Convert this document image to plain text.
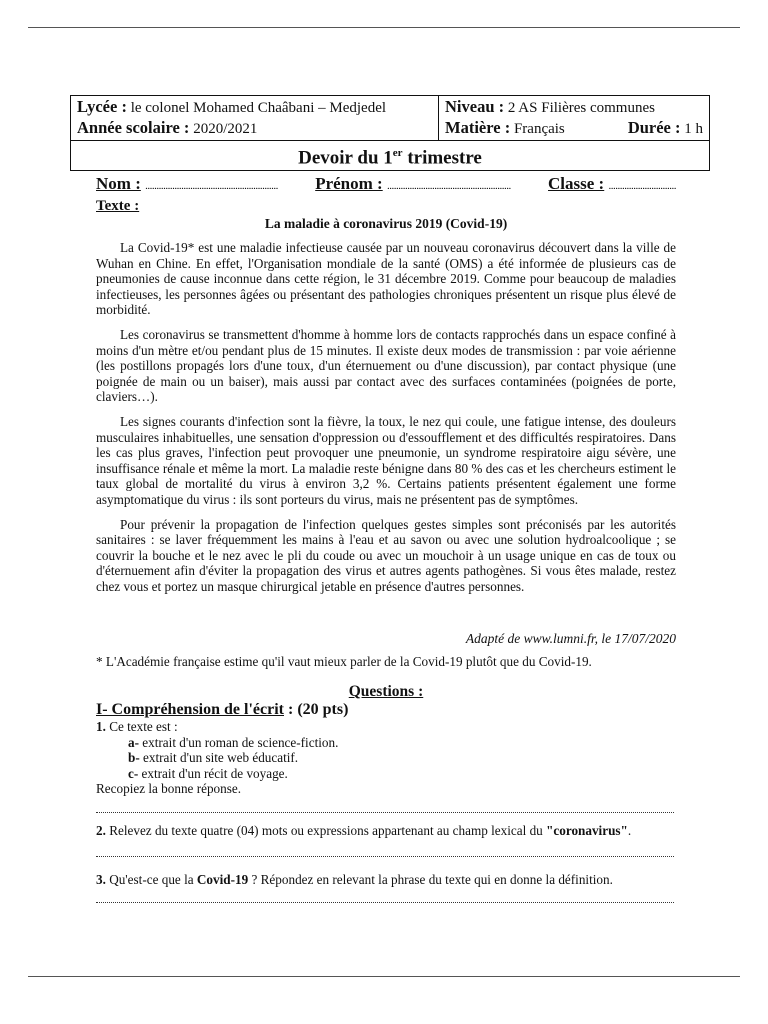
Lycée : le colonel Mohamed Chaâbani – Medjedel
Année scolaire : 2020/2021
Niveau : 2 AS Filières communes
Matière : Français	Durée : 1 h
Devoir du 1er trimestre
Nom : ........................................................... Prénom : ....................................................... Classe : ..............................
Texte :
La maladie à coronavirus 2019 (Covid-19)

La Covid-19* est une maladie infectieuse causée par un nouveau coronavirus découvert dans la ville de Wuhan en Chine. En effet, l'Organisation mondiale de la santé (OMS) a été informée de plusieurs cas de pneumonies de cause inconnue dans cette région, le 31 décembre 2019. Comme pour beaucoup de maladies infectieuses, les personnes âgées ou présentant des pathologies chroniques présentent un risque plus élevé de morbidité.

Les coronavirus se transmettent d'homme à homme lors de contacts rapprochés dans un espace confiné à moins d'un mètre et/ou pendant plus de 15 minutes. Il existe deux modes de transmission : par voie aérienne (les postillons propagés lors d'une toux, d'un éternuement ou d'une discussion), par contact physique (une poignée de main ou un baiser), mais aussi par contact avec des surfaces contaminées (poignées de porte, claviers…).

Les signes courants d'infection sont la fièvre, la toux, le nez qui coule, une fatigue intense, des douleurs musculaires inhabituelles, une sensation d'oppression ou d'essoufflement et des difficultés respiratoires. Dans les cas plus graves, l'infection peut provoquer une pneumonie, un syndrome respiratoire aigu sévère, une insuffisance rénale et même la mort. La maladie reste bénigne dans 80 % des cas et les chercheurs estiment le taux global de mortalité du virus à environ 3,2 %. Certains patients présentent également une forme asymptomatique du virus : ils sont porteurs du virus, mais ne présentent pas de symptômes.

Pour prévenir la propagation de l'infection quelques gestes simples sont préconisés par les autorités sanitaires : se laver fréquemment les mains à l'eau et au savon ou avec une solution hydroalcoolique ; se couvrir la bouche et le nez avec le pli du coude ou avec un mouchoir à un usage unique en cas de toux ou d'éternuement afin d'éviter la propagation des virus et autres agents pathogènes. Si vous êtes malade, restez chez vous et portez un masque chirurgical jetable en présence d'autres personnes.

Adapté de www.lumni.fr, le 17/07/2020
* L'Académie française estime qu'il vaut mieux parler de la Covid-19 plutôt que du Covid-19.
Questions :
I- Compréhension de l'écrit : (20 pts)
1. Ce texte est :
a- extrait d'un roman de science-fiction.
b- extrait d'un site web éducatif.
c- extrait d'un récit de voyage.
Recopiez la bonne réponse.
2. Relevez du texte quatre (04) mots ou expressions appartenant au champ lexical du "coronavirus".
3. Qu'est-ce que la Covid-19 ? Répondez en relevant la phrase du texte qui en donne la définition.
